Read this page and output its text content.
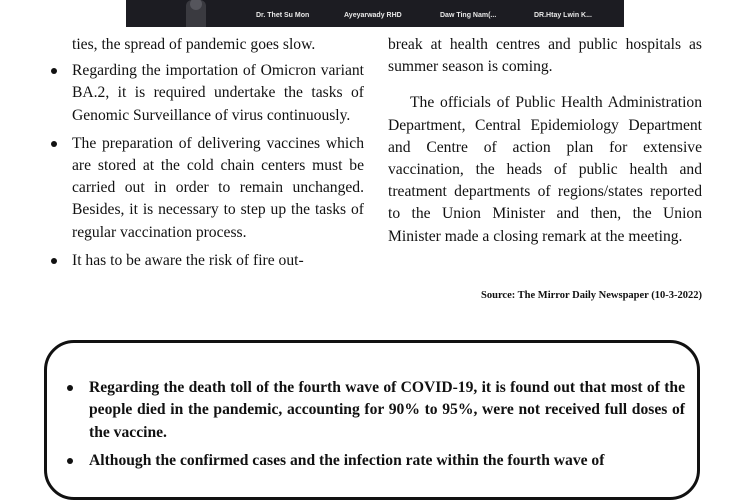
Dr. Thet Su Mon	Ayeyarwady RHD	Daw Ting Nam(...	DR.Htay Lwin K...

ties, the spread of pandemic goes slow.

Regarding the importation of Omicron variant BA.2, it is required undertake the tasks of Genomic Surveillance of virus continuously.
The preparation of delivering vaccines which are stored at the cold chain centers must be carried out in order to remain unchanged. Besides, it is necessary to step up the tasks of regular vaccination process.
It has to be aware the risk of fire out-

break at health centres and public hospitals as summer season is coming.

The officials of Public Health Administration Department, Central Epidemiology Department and Centre of action plan for extensive vaccination, the heads of public health and treatment departments of regions/states reported to the Union Minister and then, the Union Minister made a closing remark at the meeting.

Source: The Mirror Daily Newspaper (10-3-2022)
Regarding the death toll of the fourth wave of COVID-19, it is found out that most of the people died in the pandemic, accounting for 90% to 95%, were not received full doses of the vaccine.
Although the confirmed cases and the infection rate within the fourth wave of
